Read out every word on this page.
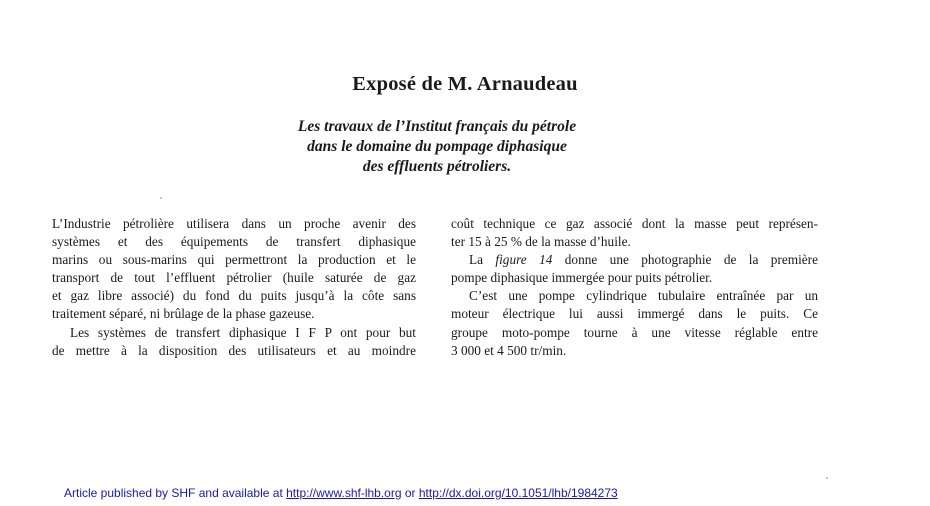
Exposé de M. Arnaudeau
Les travaux de l’Institut français du pétrole
dans le domaine du pompage diphasique
des effluents pétroliers.
L’Industrie pétrolière utilisera dans un proche avenir des
systèmes et des équipements de transfert diphasique
marins ou sous-marins qui permettront la production et le
transport de tout l’effluent pétrolier (huile saturée de gaz
et gaz libre associé) du fond du puits jusqu’à la côte sans
traitement séparé, ni brûlage de la phase gazeuse.
Les systèmes de transfert diphasique I F P ont pour but
de mettre à la disposition des utilisateurs et au moindre
coût technique ce gaz associé dont la masse peut représen-
ter 15 à 25 % de la masse d’huile.
La figure 14 donne une photographie de la première
pompe diphasique immergée pour puits pétrolier.
C’est une pompe cylindrique tubulaire entraînée par un
moteur électrique lui aussi immergé dans le puits. Ce
groupe moto-pompe tourne à une vitesse réglable entre
3 000 et 4 500 tr/min.
Article published by SHF and available at http://www.shf-lhb.org or http://dx.doi.org/10.1051/lhb/1984273
